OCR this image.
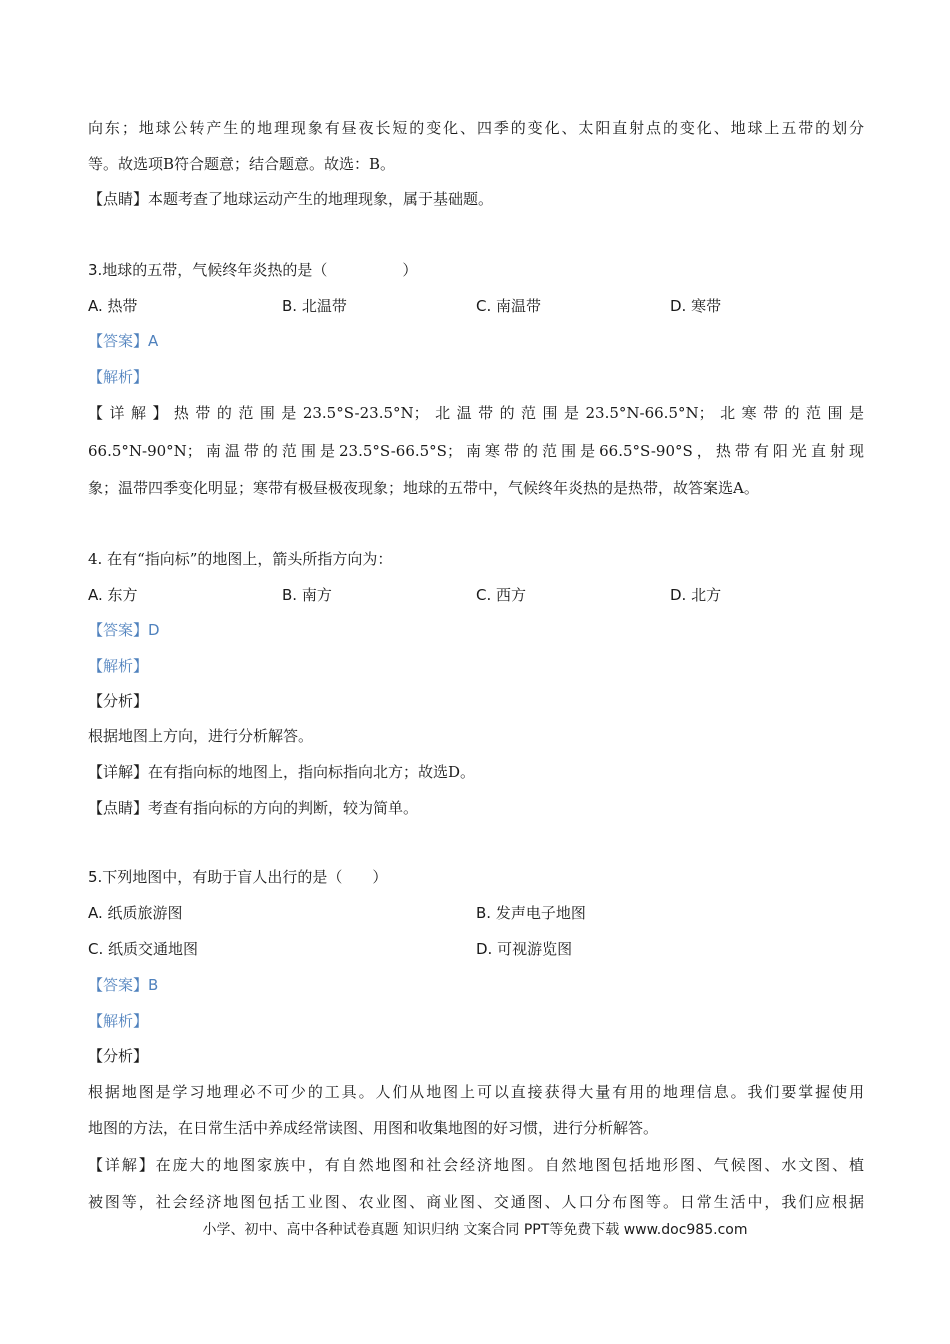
向东；地球公转产生的地理现象有昼夜长短的变化、四季的变化、太阳直射点的变化、地球上五带的划分
等。故选项B符合题意；结合题意。故选：B。
【点睛】本题考查了地球运动产生的地理现象，属于基础题。
3.地球的五带，气候终年炎热的是（　　　　　）
A. 热带	B. 北温带	C. 南温带	D. 寒带
【答案】A
【解析】
【详解】热带的范围是23.5°S-23.5°N；北温带的范围是23.5°N-66.5°N；北寒带的范围是
66.5°N-90°N；南温带的范围是23.5°S-66.5°S；南寒带的范围是66.5°S-90°S，热带有阳光直射现
象；温带四季变化明显；寒带有极昼极夜现象；地球的五带中，气候终年炎热的是热带，故答案选A。
4. 在有“指向标”的地图上，箭头所指方向为：
A. 东方	B. 南方	C. 西方	D. 北方
【答案】D
【解析】
【分析】
根据地图上方向，进行分析解答。
【详解】在有指向标的地图上，指向标指向北方；故选D。
【点睛】考查有指向标的方向的判断，较为简单。
5.下列地图中，有助于盲人出行的是（　　）
A. 纸质旅游图	B. 发声电子地图
C. 纸质交通地图	D. 可视游览图
【答案】B
【解析】
【分析】
根据地图是学习地理必不可少的工具。人们从地图上可以直接获得大量有用的地理信息。我们要掌握使用
地图的方法，在日常生活中养成经常读图、用图和收集地图的好习惯，进行分析解答。
【详解】在庞大的地图家族中，有自然地图和社会经济地图。自然地图包括地形图、气候图、水文图、植
被图等，社会经济地图包括工业图、农业图、商业图、交通图、人口分布图等。日常生活中，我们应根据
小学、初中、高中各种试卷真题 知识归纳 文案合同 PPT等免费下载 www.doc985.com
